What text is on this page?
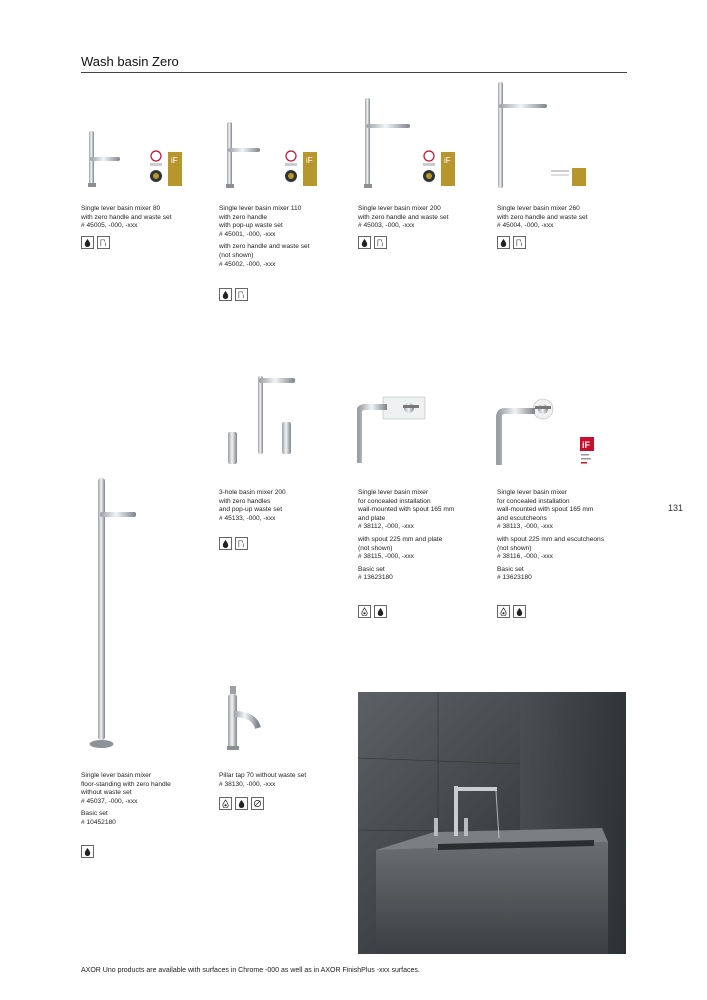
Wash basin Zero
131
iF	iF	iF
Single lever basin mixer 80
with zero handle and waste set
# 45005, -000, -xxx
Single lever basin mixer 110
with zero handle
with pop-up waste set
# 45001, -000, -xxx
with zero handle and waste set
(not shown)
# 45002, -000, -xxx
Single lever basin mixer 200
with zero handle and waste set
# 45003, -000, -xxx
Single lever basin mixer 260
with zero handle and waste set
# 45004, -000, -xxx
iF
3-hole basin mixer 200
with zero handles
and pop-up waste set
# 45133, -000, -xxx
Single lever basin mixer
for concealed installation
wall-mounted with spout 165 mm
and plate
# 38112, -000, -xxx
with spout 225 mm and plate
(not shown)
# 38115, -000, -xxx
Basic set
# 13623180
Single lever basin mixer
for concealed installation
wall-mounted with spout 165 mm
and escutcheons
# 38113, -000, -xxx
with spout 225 mm and escutcheons
(not shown)
# 38116, -000, -xxx
Basic set
# 13623180
Single lever basin mixer
floor-standing with zero handle
without waste set
# 45037, -000, -xxx
Basic set
# 10452180
Pillar tap 70 without waste set
# 38130, -000, -xxx
AXOR Uno products are available with surfaces in Chrome -000 as well as in AXOR FinishPlus -xxx surfaces.
